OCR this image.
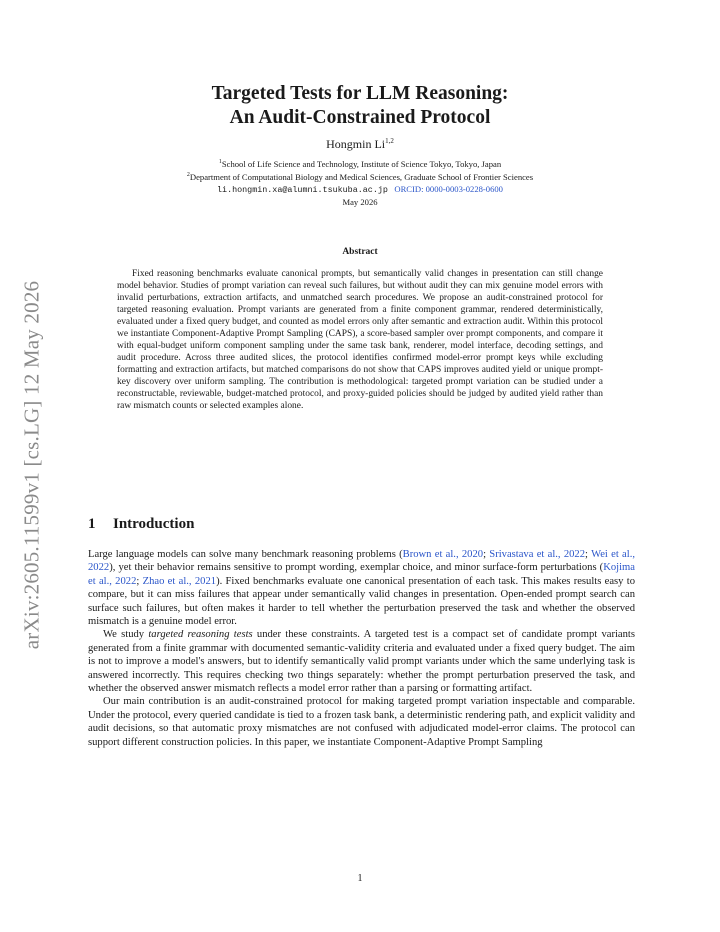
arXiv:2605.11599v1 [cs.LG] 12 May 2026
Targeted Tests for LLM Reasoning:
An Audit-Constrained Protocol
Hongmin Li$^{1,2}$
$^1$School of Life Science and Technology, Institute of Science Tokyo, Tokyo, Japan
$^2$Department of Computational Biology and Medical Sciences, Graduate School of Frontier Sciences
li.hongmin.xa@alumni.tsukuba.ac.jp ORCID: 0000-0003-0228-0600
May 2026
Abstract

Fixed reasoning benchmarks evaluate canonical prompts, but semantically valid changes in presentation can still change model behavior. Studies of prompt variation can reveal such failures, but without audit they can mix genuine model errors with invalid perturbations, extraction artifacts, and unmatched search procedures. We propose an audit-constrained protocol for targeted reasoning evaluation. Prompt variants are generated from a finite component grammar, rendered deterministically, evaluated under a fixed query budget, and counted as model errors only after semantic and extraction audit. Within this protocol we instantiate Component-Adaptive Prompt Sampling (CAPS), a score-based sampler over prompt components, and compare it with equal-budget uniform component sampling under the same task bank, renderer, model interface, decoding settings, and audit procedure. Across three audited slices, the protocol identifies confirmed model-error prompt keys while excluding formatting and extraction artifacts, but matched comparisons do not show that CAPS improves audited yield or unique prompt-key discovery over uniform sampling. The contribution is methodological: targeted prompt variation can be studied under a reconstructable, reviewable, budget-matched protocol, and proxy-guided policies should be judged by audited yield rather than raw mismatch counts or selected examples alone.

1 Introduction

Large language models can solve many benchmark reasoning problems (Brown et al., 2020; Srivastava et al., 2022; Wei et al., 2022), yet their behavior remains sensitive to prompt wording, exemplar choice, and minor surface-form perturbations (Kojima et al., 2022; Zhao et al., 2021). Fixed benchmarks evaluate one canonical presentation of each task. This makes results easy to compare, but it can miss failures that appear under semantically valid changes in presentation. Open-ended prompt search can surface such failures, but often makes it harder to tell whether the perturbation preserved the task and whether the observed mismatch is a genuine model error.

We study targeted reasoning tests under these constraints. A targeted test is a compact set of candidate prompt variants generated from a finite grammar with documented semantic-validity criteria and evaluated under a fixed query budget. The aim is not to improve a model's answers, but to identify semantically valid prompt variants under which the same underlying task is answered incorrectly. This requires checking two things separately: whether the prompt perturbation preserved the task, and whether the observed answer mismatch reflects a model error rather than a parsing or formatting artifact.

Our main contribution is an audit-constrained protocol for making targeted prompt variation inspectable and comparable. Under the protocol, every queried candidate is tied to a frozen task bank, a deterministic rendering path, and explicit validity and audit decisions, so that automatic proxy mismatches are not confused with adjudicated model-error claims. The protocol can support different construction policies. In this paper, we instantiate Component-Adaptive Prompt Sampling

1
